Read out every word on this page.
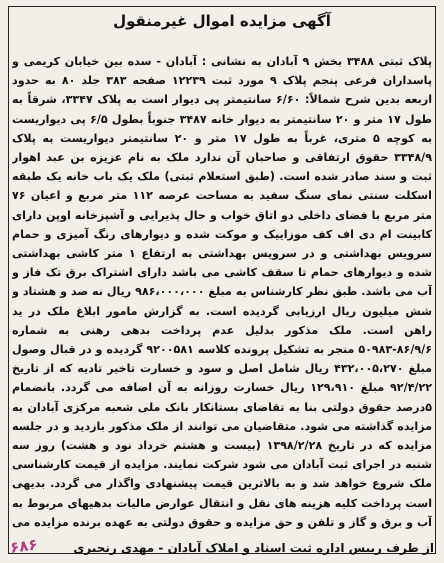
آگهی مزایده اموال غیرمنقول
پلاک ثبتی ۳۴۸۸ بخش ۹ آبادان به نشانی : آبادان - سده بین خیابان کریمی و پاسداران فرعی پنجم پلاک ۹ مورد ثبت ۱۲۲۳۹ صفحه ۳۸۳ جلد ۸۰ به حدود اربعه بدین شرح شمالاً: ۶/۶۰ سانتیمتر پی دیوار است به پلاک ۳۳۴۷، شرقاً به طول ۱۷ متر و ۲۰ سانتیمتر به دیوار خانه ۳۴۸۷ جنوباً بطول ۶/۵ پی دیواریست به کوچه ۵ متری، غرباً به طول ۱۷ متر و ۲۰ سانتیمتر دیواریست به پلاک ۳۳۴۸/۹ حقوق ارتفاقی و صاحبان آن ندارد ملک به نام عزیزه بن عبد اهوار ثبت و سند صادر شده است. (طبق استعلام ثبتی) ملک یک باب خانه یک طبقه اسکلت سنتی نمای سنگ سفید به مساحت عرصه ۱۱۲ متر مربع و اعیان ۷۶ متر مربع با فضای داخلی دو اتاق خواب و حال پذیرایی و آشپزخانه اوپن دارای کابینت ام دی اف کف موزاییک و موکت شده و دیوارهای رنگ آمیزی و حمام سرویس بهداشتی و در سرویس بهداشتی به ارتفاع ۱ متر کاشی بهداشتی شده و دیوارهای حمام تا سقف کاشی می باشد دارای اشتراک برق تک فاز و آب می باشد. طبق نظر کارشناس به مبلغ ۹۸۶،۰۰۰،۰۰۰ ریال نه صد و هشتاد و شش میلیون ریال ارزیابی گردیده است. به گزارش مامور ابلاغ ملک در ید راهن است. ملک مذکور بدلیل عدم پرداخت بدهی رهنی به شماره ۸۶/۹/۶-۵۰۹۸۳ منجر به تشکیل پرونده کلاسه ۹۲۰۰۵۸۱ گردیده و در قبال وصول مبلغ ۴۳۲،۰۰۵،۲۷۰ ریال شامل اصل و سود و خسارت تاخیر تادیه که از تاریخ ۹۲/۴/۲۲ مبلغ ۱۲۹،۹۱۰ ریال خسارت روزانه به آن اضافه می گردد. بانضمام ۵درصد حقوق دولتی بنا به تقاضای بستانکار بانک ملی شعبه مرکزی آبادان به مزایده گذاشته می شود. متقاضیان می توانند از ملک مذکور بازدید و در جلسه مزایده که در تاریخ ۱۳۹۸/۲/۲۸ (بیست و هشتم خرداد نود و هشت) روز سه شنبه در اجرای ثبت آبادان می شود شرکت نمایند. مزایده از قیمت کارشناسی ملک شروع خواهد شد و به بالاترین قیمت پیشنهادی واگذار می گردد. بدیهی است پرداخت کلیه هزینه های نقل و انتقال عوارض مالیات بدهیهای مربوط به آب و برق و گاز و تلفن و حق مزایده و حقوق دولتی به عهده برنده مزایده می
از طرف رییس اداره ثبت اسناد و املاک آبادان - مهدی رنجبری
۶۸۶
